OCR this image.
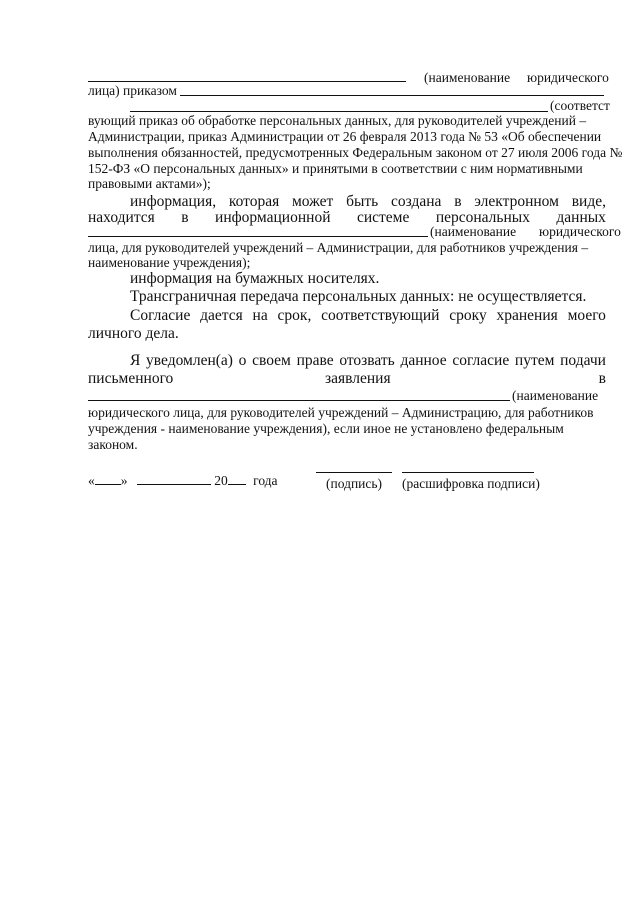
(наименование юридического
лица) приказом
(соответст
вующий приказ об обработке персональных данных, для руководителей учреждений –
Администрации, приказ Администрации от 26 февраля 2013 года № 53 «Об обеспечении
выполнения обязанностей, предусмотренных Федеральным законом от 27 июля 2006 года №
152-ФЗ «О персональных данных» и принятыми в соответствии с ним нормативными
правовыми актами»);
информация, которая может быть создана в электронном виде,
находится в информационной системе персональных данных
(наименование юридического
лица, для руководителей учреждений – Администрации, для работников учреждения –
наименование учреждения);
информация на бумажных носителях.
Трансграничная передача персональных данных: не осуществляется.
Согласие дается на срок, соответствующий сроку хранения моего
личного дела.
Я уведомлен(а) о своем праве отозвать данное согласие путем подачи
письменного	заявления	в
(наименование
юридического лица, для руководителей учреждений – Администрацию, для работников
учреждения - наименование учреждения), если иное не установлено федеральным
законом.
« »	20 года	(подпись) (расшифровка подписи)
